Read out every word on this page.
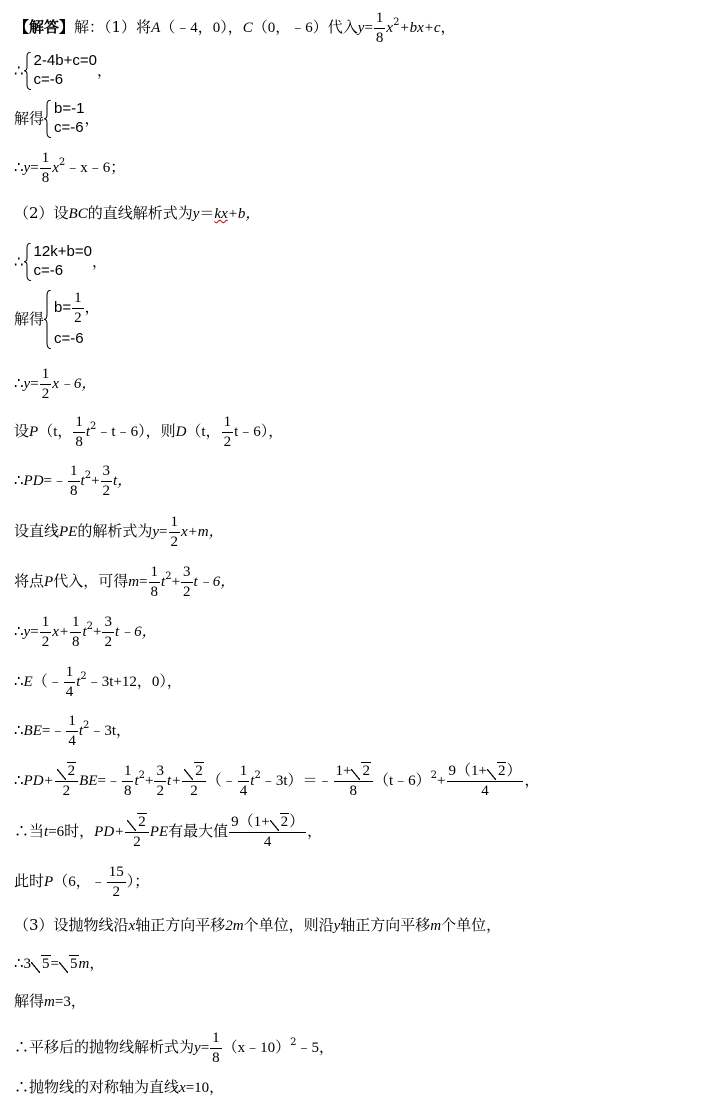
【解答】解：（1）将A（﹣4，0），C（0，﹣6）代入$y= \frac{1}{8} x^2+bx+c$，
∴
2-4b+c=0
c=-6	，
解得
b=-1
c=-6 ，
∴y= $\frac{1}{8}$ $x^2﹣x﹣6$；
（2）设BC的直线解析式为y＝kx+b，
∴
12k+b=0
c=-6	，
解得
$b= \frac{1}{2}$ ，
c=-6
∴y= $\frac{1}{2}$ x﹣6，
设P（t， $\frac{1}{8}$ $t^2﹣t﹣6$），则D（t， $\frac{1}{2}$ t﹣6），
∴PD=﹣ $\frac{1}{8} t^2+ \frac{3}{2}$ t，
设直线PE的解析式为$y= \frac{1}{2} x+m$，
将点P代入，可得$m= \frac{1}{8} t^2+ \frac{3}{2}$ t﹣6，
∴y= $\frac{1}{2} x+ \frac{1}{8} t^2+ \frac{3}{2}$ t﹣6，
∴E（﹣ $\frac{1}{4}$ $t^2﹣3t+12$，0），
∴BE=﹣ $\frac{1}{4}$ $t^2﹣3t$，
∴PD+ $\frac{2}{2}$ BE=﹣ $\frac{1}{8} t^2+ \frac{3}{2} t+ \frac{2}{2}$ （﹣ $\frac{1}{4}$ $t^2﹣3t)=﹣ \frac{1+ 2}{8}$ （t﹣6）$^2$+ $\frac{9(1+ 2)}{4}$ ，
∴当t=6时，$PD+ \frac{2}{2}$ PE有最大值 $\frac{9(1+ 2)}{4}$ ，
此时P（6，﹣ $\frac{15}{2}$ ）；
（3）设抛物线沿x轴正方向平移2m个单位，则沿y轴正方向平移m个单位，
∴3 5= 5m，
解得m=3，
∴平移后的抛物线解析式为$y= \frac{1}{8}$ （x﹣10）$^2$﹣5，
∴抛物线的对称轴为直线x=10，
